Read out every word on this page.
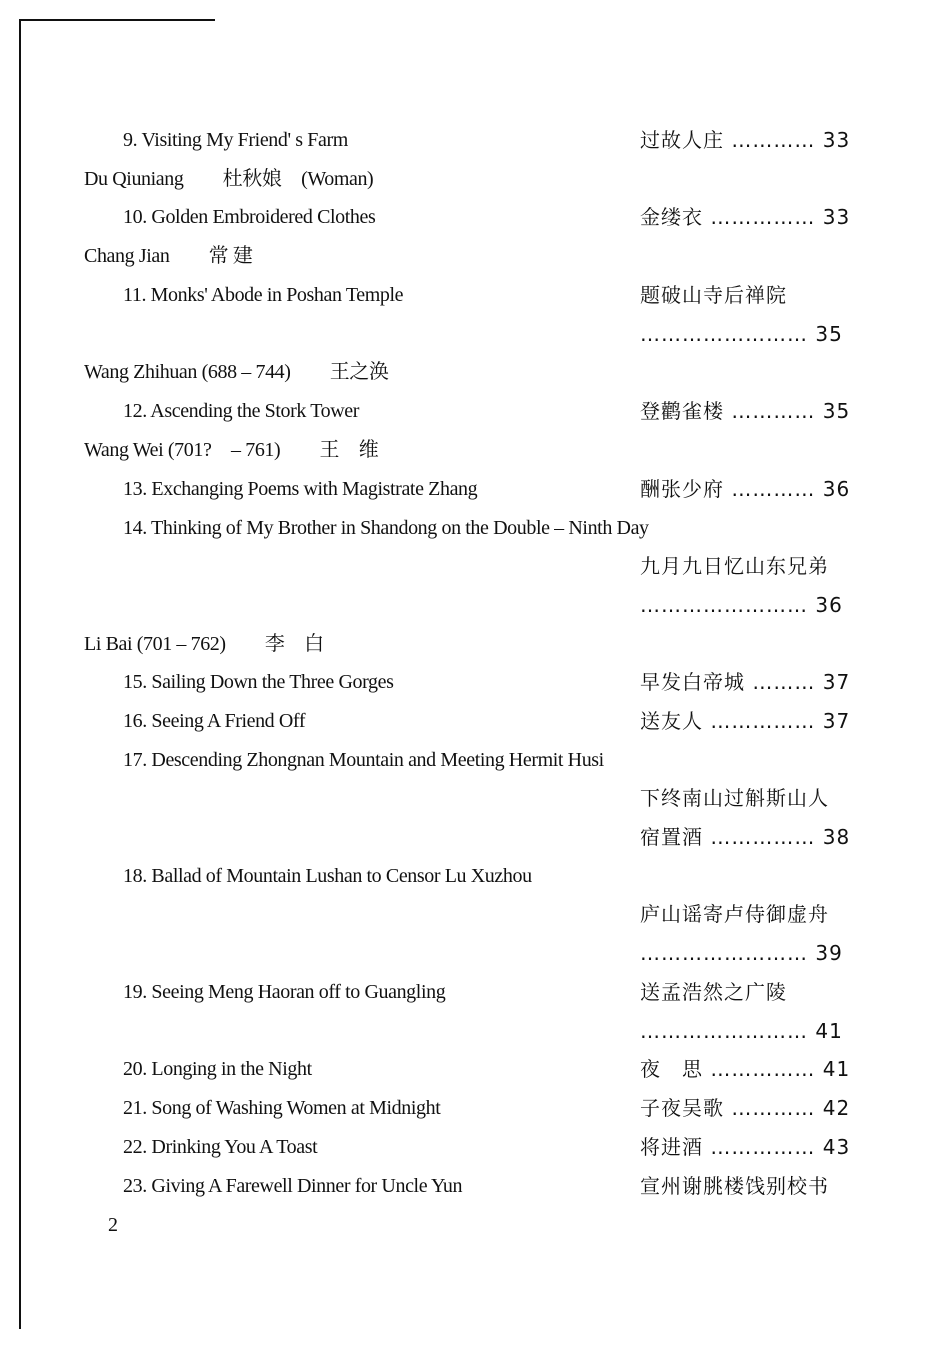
9. Visiting My Friend' s Farm	过故人庄 ………… 33
Du Qiuniang　　杜秋娘　(Woman)
10. Golden Embroidered Clothes	金缕衣 …………… 33
Chang Jian　　常 建
11. Monks' Abode in Poshan Temple	题破山寺后禅院
…………………… 35
Wang Zhihuan (688 – 744)　　王之涣
12. Ascending the Stork Tower	登鹳雀楼 ………… 35
Wang Wei (701?　– 761)　　王　维
13. Exchanging Poems with Magistrate Zhang	酬张少府 ………… 36
14. Thinking of My Brother in Shandong on the Double – Ninth Day
九月九日忆山东兄弟
…………………… 36
Li Bai (701 – 762)　　李　白
15. Sailing Down the Three Gorges	早发白帝城 ……… 37
16. Seeing A Friend Off	送友人 …………… 37
17. Descending Zhongnan Mountain and Meeting Hermit Husi
下终南山过斛斯山人
宿置酒 …………… 38
18. Ballad of Mountain Lushan to Censor Lu Xuzhou
庐山谣寄卢侍御虚舟
…………………… 39
19. Seeing Meng Haoran off to Guangling	送孟浩然之广陵
…………………… 41
20. Longing in the Night	夜　思 …………… 41
21. Song of Washing Women at Midnight	子夜吴歌 ………… 42
22. Drinking You A Toast	将进酒 …………… 43
23. Giving A Farewell Dinner for Uncle Yun	宣州谢朓楼饯别校书
2
